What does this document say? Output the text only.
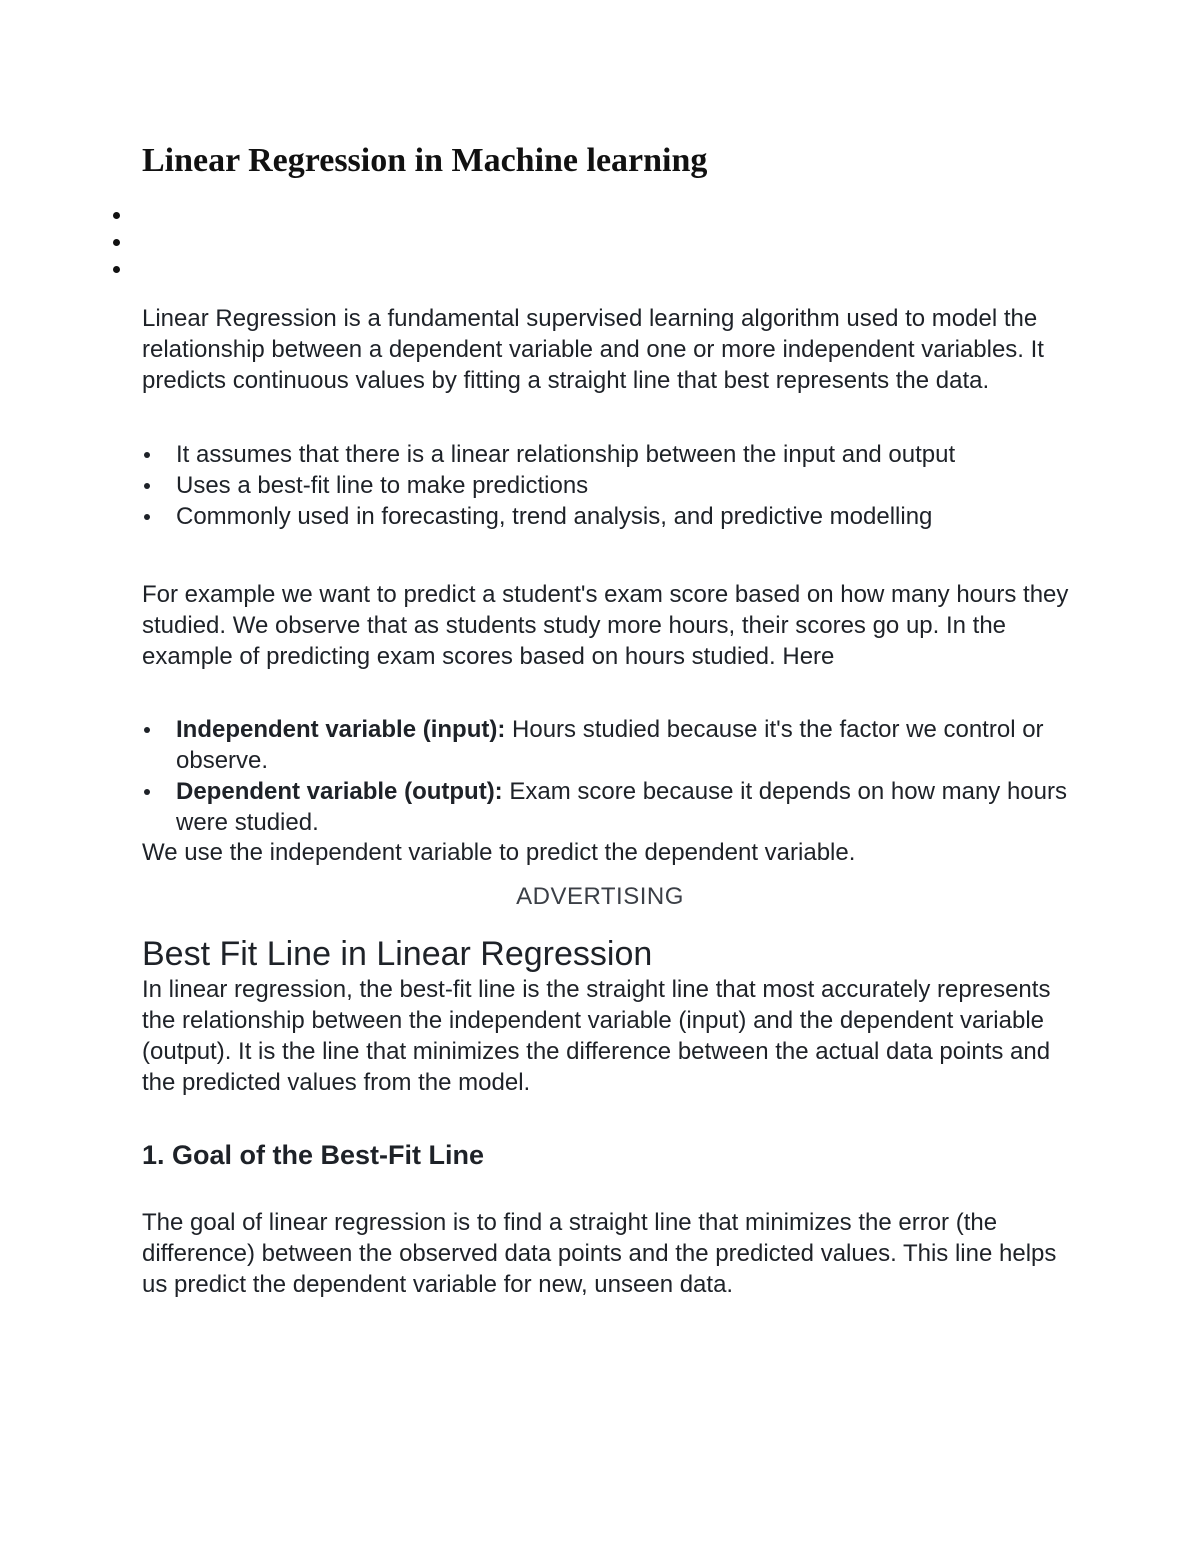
Linear Regression in Machine learning

Linear Regression is a fundamental supervised learning algorithm used to model the relationship between a dependent variable and one or more independent variables. It predicts continuous values by fitting a straight line that best represents the data.

It assumes that there is a linear relationship between the input and output
Uses a best-fit line to make predictions
Commonly used in forecasting, trend analysis, and predictive modelling

For example we want to predict a student's exam score based on how many hours they studied. We observe that as students study more hours, their scores go up. In the example of predicting exam scores based on hours studied. Here

Independent variable (input): Hours studied because it's the factor we control or observe.
Dependent variable (output): Exam score because it depends on how many hours were studied.

We use the independent variable to predict the dependent variable.

ADVERTISING
Best Fit Line in Linear Regression

In linear regression, the best-fit line is the straight line that most accurately represents the relationship between the independent variable (input) and the dependent variable (output). It is the line that minimizes the difference between the actual data points and the predicted values from the model.

1. Goal of the Best-Fit Line

The goal of linear regression is to find a straight line that minimizes the error (the difference) between the observed data points and the predicted values. This line helps us predict the dependent variable for new, unseen data.
